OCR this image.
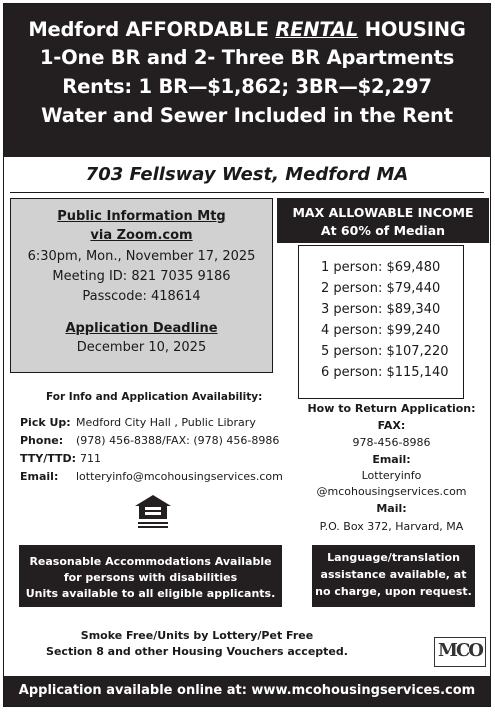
Medford AFFORDABLE RENTAL HOUSING
1-One BR and 2- Three BR Apartments
Rents: 1 BR—$1,862; 3BR—$2,297
Water and Sewer Included in the Rent
703 Fellsway West, Medford MA
Public Information Mtg
via Zoom.com
6:30pm, Mon., November 17, 2025
Meeting ID: 821 7035 9186
Passcode: 418614
Application Deadline
December 10, 2025
MAX ALLOWABLE INCOME
At 60% of Median
1 person: $69,480
2 person: $79,440
3 person: $89,340
4 person: $99,240
5 person: $107,220
6 person: $115,140
For Info and Application Availability:
Pick Up: Medford City Hall , Public Library
Phone: (978) 456-8388/FAX: (978) 456-8986
TTY/TTD: 711
Email: lotteryinfo@mcohousingservices.com
How to Return Application:
FAX:
978-456-8986
Email:
Lotteryinfo
@mcohousingservices.com
Mail:
P.O. Box 372, Harvard, MA
Reasonable Accommodations Available
for persons with disabilities
Units available to all eligible applicants.
Language/translation
assistance available, at
no charge, upon request.
Smoke Free/Units by Lottery/Pet Free
Section 8 and other Housing Vouchers accepted.	MCO
Application available online at: www.mcohousingservices.com
